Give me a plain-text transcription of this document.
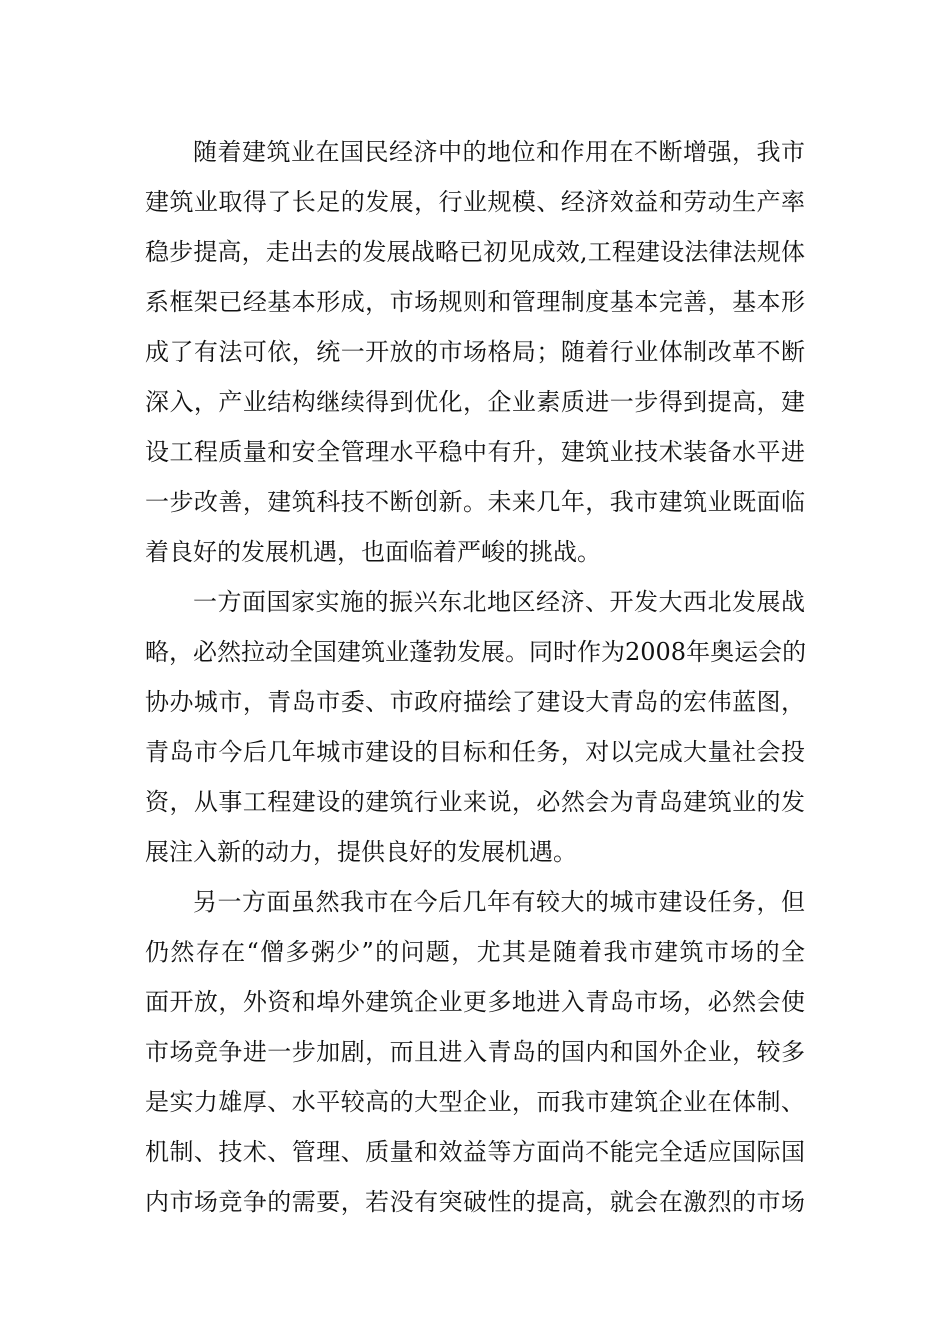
随着建筑业在国民经济中的地位和作用在不断增强，我市
建筑业取得了长足的发展，行业规模、经济效益和劳动生产率
稳步提高，走出去的发展战略已初见成效,工程建设法律法规体
系框架已经基本形成，市场规则和管理制度基本完善，基本形
成了有法可依，统一开放的市场格局；随着行业体制改革不断
深入，产业结构继续得到优化，企业素质进一步得到提高，建
设工程质量和安全管理水平稳中有升，建筑业技术装备水平进
一步改善，建筑科技不断创新。未来几年，我市建筑业既面临
着良好的发展机遇，也面临着严峻的挑战。
一方面国家实施的振兴东北地区经济、开发大西北发展战
略，必然拉动全国建筑业蓬勃发展。同时作为2008年奥运会的
协办城市，青岛市委、市政府描绘了建设大青岛的宏伟蓝图，
青岛市今后几年城市建设的目标和任务，对以完成大量社会投
资，从事工程建设的建筑行业来说，必然会为青岛建筑业的发
展注入新的动力，提供良好的发展机遇。
另一方面虽然我市在今后几年有较大的城市建设任务，但
仍然存在“僧多粥少”的问题，尤其是随着我市建筑市场的全
面开放，外资和埠外建筑企业更多地进入青岛市场，必然会使
市场竞争进一步加剧，而且进入青岛的国内和国外企业，较多
是实力雄厚、水平较高的大型企业，而我市建筑企业在体制、
机制、技术、管理、质量和效益等方面尚不能完全适应国际国
内市场竞争的需要，若没有突破性的提高，就会在激烈的市场
